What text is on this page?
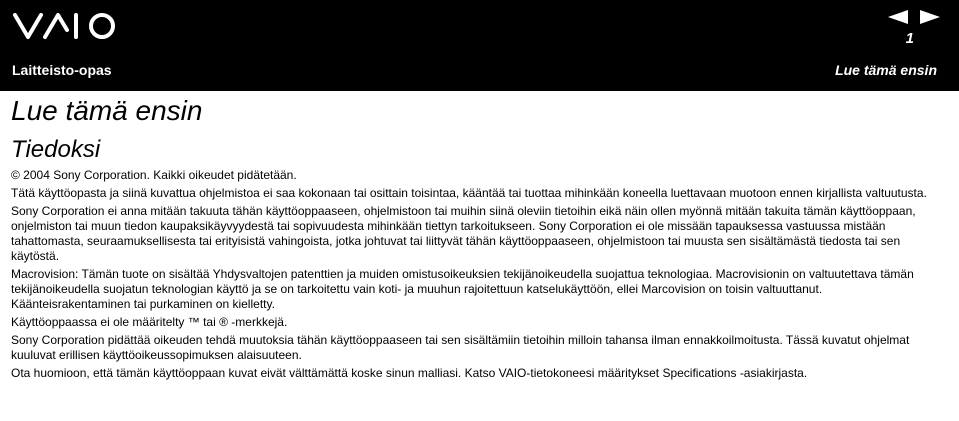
1
Laitteisto-opas	Lue tämä ensin
Lue tämä ensin
Tiedoksi

© 2004 Sony Corporation. Kaikki oikeudet pidätetään.

Tätä käyttöopasta ja siinä kuvattua ohjelmistoa ei saa kokonaan tai osittain toisintaa, kääntää tai tuottaa mihinkään koneella luettavaan muotoon ennen kirjallista valtuutusta.

Sony Corporation ei anna mitään takuuta tähän käyttöoppaaseen, ohjelmistoon tai muihin siinä oleviin tietoihin eikä näin ollen myönnä mitään takuita tämän käyttöoppaan, onjelmiston tai muun tiedon kaupaksikäyvyydestä tai sopivuudesta mihinkään tiettyn tarkoitukseen. Sony Corporation ei ole missään tapauksessa vastuussa mistään tahattomasta, seuraamuksellisesta tai erityisistä vahingoista, jotka johtuvat tai liittyvät tähän käyttöoppaaseen, ohjelmistoon tai muusta sen sisältämästä tiedosta tai sen käytöstä.

Macrovision: Tämän tuote on sisältää Yhdysvaltojen patenttien ja muiden omistusoikeuksien tekijänoikeudella suojattua teknologiaa. Macrovisionin on valtuutettava tämän tekijänoikeudella suojatun teknologian käyttö ja se on tarkoitettu vain koti- ja muuhun rajoitettuun katselukäyttöön, ellei Marcovision on toisin valtuuttanut. Käänteisrakentaminen tai purkaminen on kielletty.

Käyttöoppaassa ei ole määritelty ™ tai ® -merkkejä.

Sony Corporation pidättää oikeuden tehdä muutoksia tähän käyttöoppaaseen tai sen sisältämiin tietoihin milloin tahansa ilman ennakkoilmoitusta. Tässä kuvatut ohjelmat kuuluvat erillisen käyttöoikeussopimuksen alaisuuteen.

Ota huomioon, että tämän käyttöoppaan kuvat eivät välttämättä koske sinun malliasi. Katso VAIO-tietokoneesi määritykset Specifications -asiakirjasta.
